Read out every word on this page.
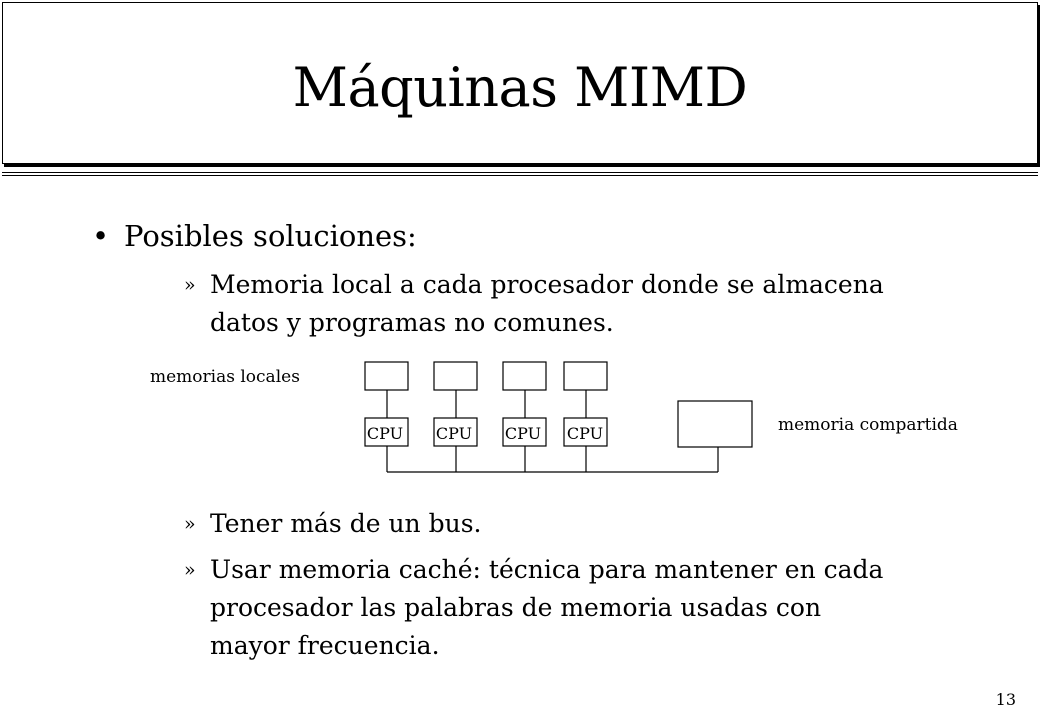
Máquinas MIMD
• Posibles soluciones:
» Memoria local a cada procesador donde se almacena
datos y programas no comunes.
memorias locales
memoria compartida
CPU CPU CPU CPU
» Tener más de un bus.
» Usar memoria caché: técnica para mantener en cada
procesador las palabras de memoria usadas con
mayor frecuencia.
13
